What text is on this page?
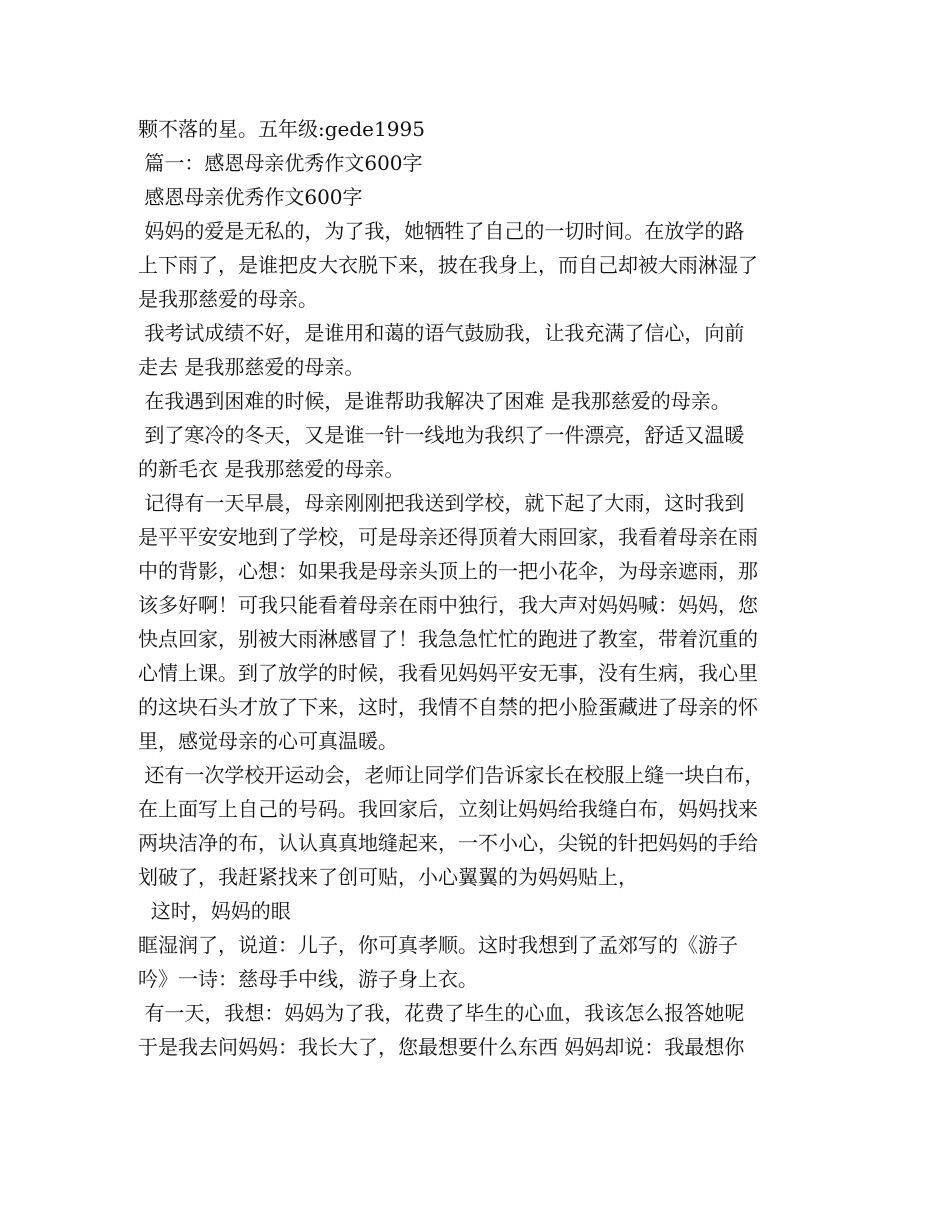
颗不落的星。五年级:gede1995
篇一：感恩母亲优秀作文600字
感恩母亲优秀作文600字
妈妈的爱是无私的，为了我，她牺牲了自己的一切时间。在放学的路
上下雨了，是谁把皮大衣脱下来，披在我身上，而自己却被大雨淋湿了
是我那慈爱的母亲。
我考试成绩不好，是谁用和蔼的语气鼓励我，让我充满了信心，向前
走去 是我那慈爱的母亲。
在我遇到困难的时候，是谁帮助我解决了困难 是我那慈爱的母亲。
到了寒冷的冬天，又是谁一针一线地为我织了一件漂亮，舒适又温暖
的新毛衣 是我那慈爱的母亲。
记得有一天早晨，母亲刚刚把我送到学校，就下起了大雨，这时我到
是平平安安地到了学校，可是母亲还得顶着大雨回家，我看着母亲在雨
中的背影，心想：如果我是母亲头顶上的一把小花伞，为母亲遮雨，那
该多好啊！可我只能看着母亲在雨中独行，我大声对妈妈喊：妈妈，您
快点回家，别被大雨淋感冒了！我急急忙忙的跑进了教室，带着沉重的
心情上课。到了放学的时候，我看见妈妈平安无事，没有生病，我心里
的这块石头才放了下来，这时，我情不自禁的把小脸蛋藏进了母亲的怀
里，感觉母亲的心可真温暖。
还有一次学校开运动会，老师让同学们告诉家长在校服上缝一块白布，
在上面写上自己的号码。我回家后，立刻让妈妈给我缝白布，妈妈找来
两块洁净的布，认认真真地缝起来，一不小心，尖锐的针把妈妈的手给
划破了，我赶紧找来了创可贴，小心翼翼的为妈妈贴上，
这时，妈妈的眼
眶湿润了，说道：儿子，你可真孝顺。这时我想到了孟郊写的《游子
吟》一诗：慈母手中线，游子身上衣。
有一天，我想：妈妈为了我，花费了毕生的心血，我该怎么报答她呢
于是我去问妈妈：我长大了，您最想要什么东西 妈妈却说：我最想你
